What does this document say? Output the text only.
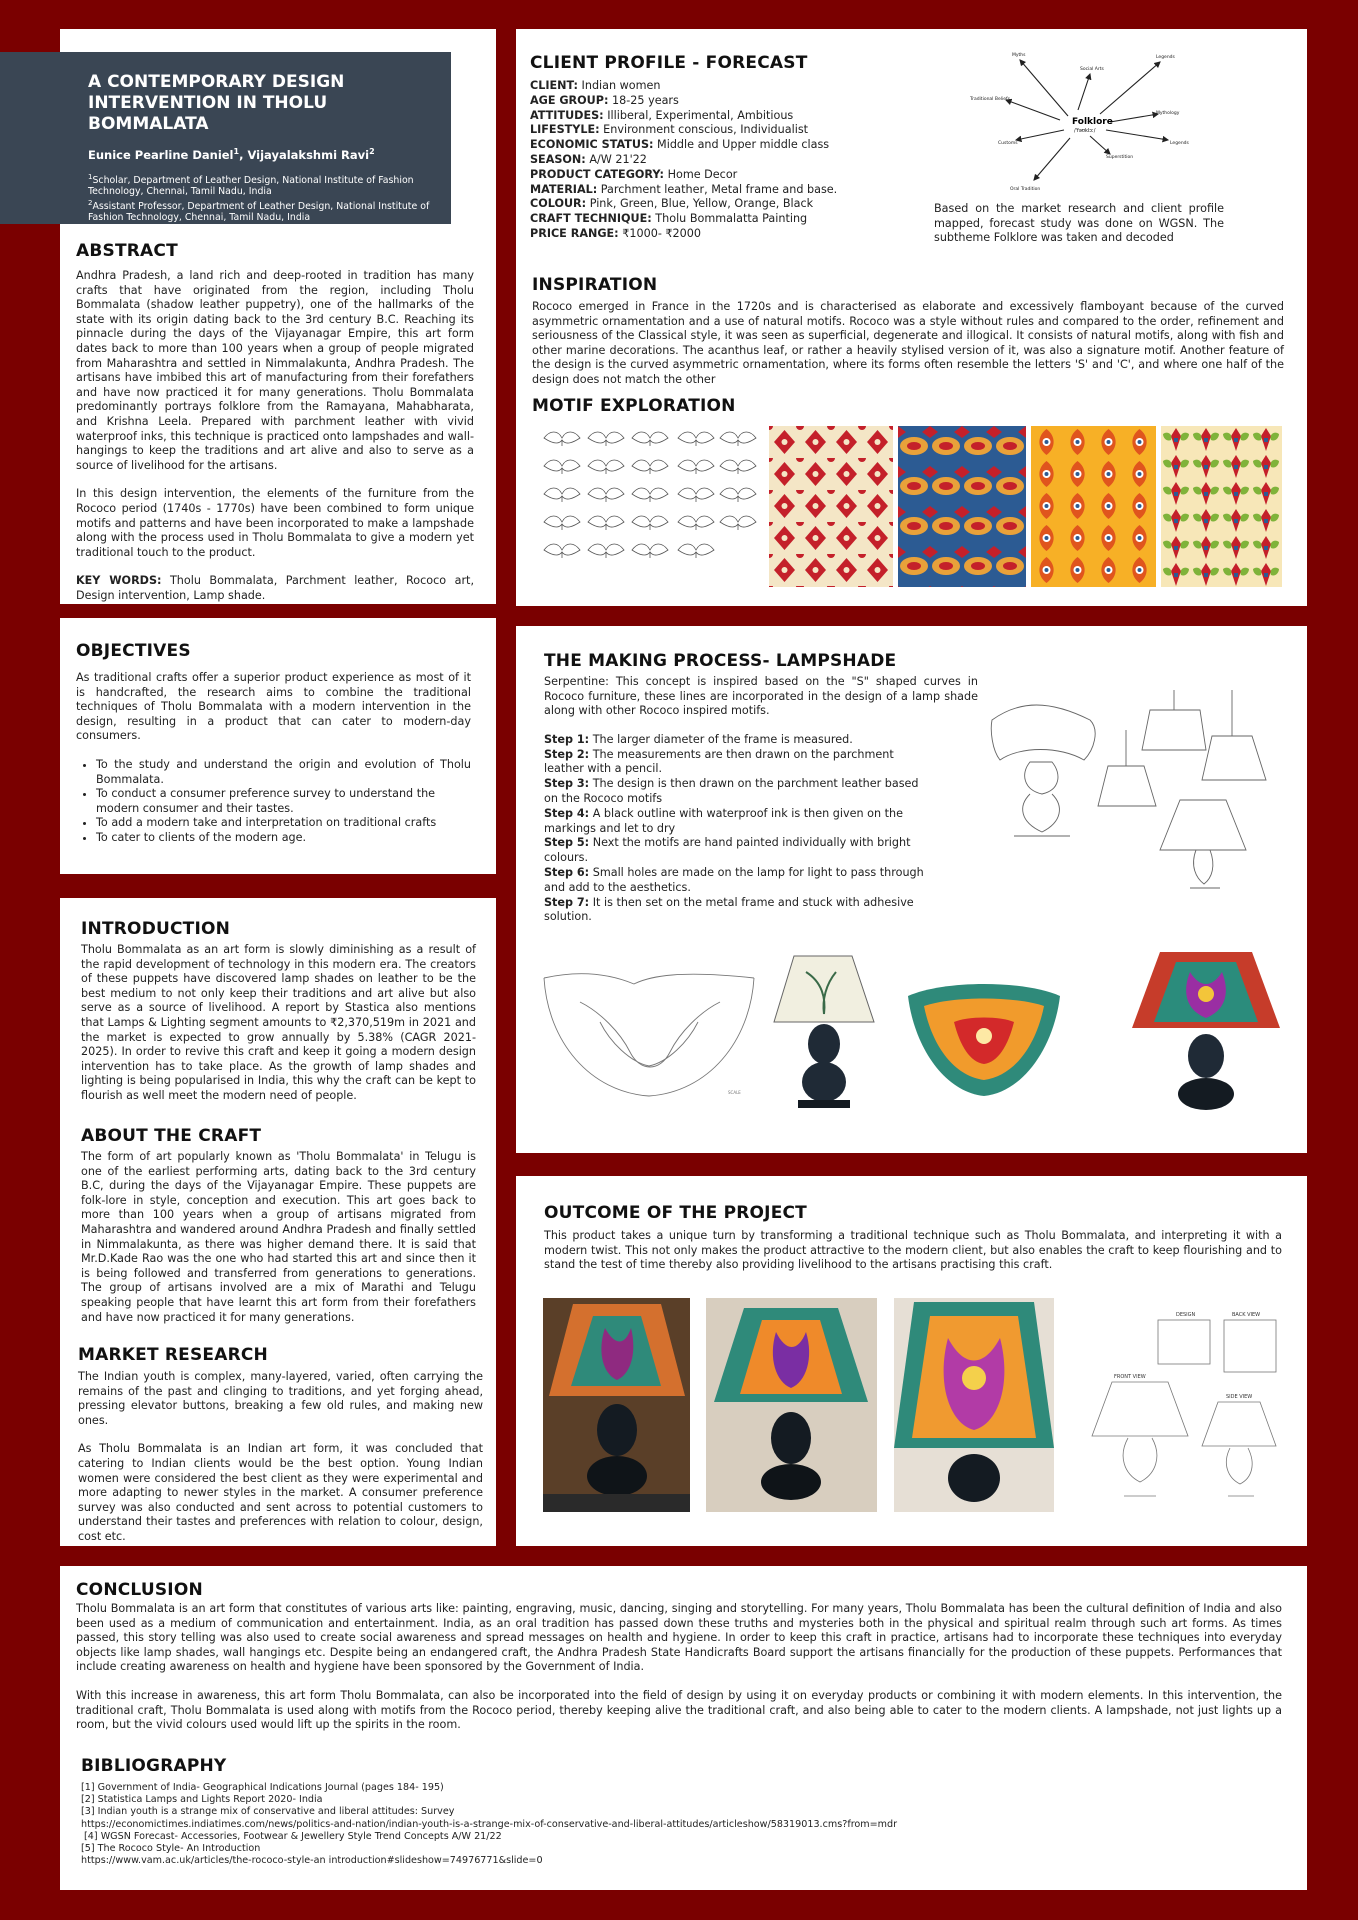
A CONTEMPORARY DESIGN
INTERVENTION IN THOLU BOMMALATA
Eunice Pearline Daniel$^1$, Vijayalakshmi Ravi$^2$
$^1$Scholar, Department of Leather Design, National Institute of Fashion Technology, Chennai, Tamil Nadu, India
$^2$Assistant Professor, Department of Leather Design, National Institute of Fashion Technology, Chennai, Tamil Nadu, India
ABSTRACT

Andhra Pradesh, a land rich and deep-rooted in tradition has many crafts that have originated from the region, including Tholu Bommalata (shadow leather puppetry), one of the hallmarks of the state with its origin dating back to the 3rd century B.C. Reaching its pinnacle during the days of the Vijayanagar Empire, this art form dates back to more than 100 years when a group of people migrated from Maharashtra and settled in Nimmalakunta, Andhra Pradesh. The artisans have imbibed this art of manufacturing from their forefathers and have now practiced it for many generations. Tholu Bommalata predominantly portrays folklore from the Ramayana, Mahabharata, and Krishna Leela. Prepared with parchment leather with vivid waterproof inks, this technique is practiced onto lampshades and wall-hangings to keep the traditions and art alive and also to serve as a source of livelihood for the artisans.

In this design intervention, the elements of the furniture from the Rococo period (1740s - 1770s) have been combined to form unique motifs and patterns and have been incorporated to make a lampshade along with the process used in Tholu Bommalata to give a modern yet traditional touch to the product.

KEY WORDS: Tholu Bommalata, Parchment leather, Rococo art, Design intervention, Lamp shade.

OBJECTIVES

As traditional crafts offer a superior product experience as most of it is handcrafted, the research aims to combine the traditional techniques of Tholu Bommalata with a modern intervention in the design, resulting in a product that can cater to modern-day consumers.

• To the study and understand the origin and evolution of Tholu Bommalata.
• To conduct a consumer preference survey to understand the modern consumer and their tastes.
• To add a modern take and interpretation on traditional crafts
• To cater to clients of the modern age.
INTRODUCTION

Tholu Bommalata as an art form is slowly diminishing as a result of the rapid development of technology in this modern era. The creators of these puppets have discovered lamp shades on leather to be the best medium to not only keep their traditions and art alive but also serve as a source of livelihood. A report by Stastica also mentions that Lamps & Lighting segment amounts to ₹2,370,519m in 2021 and the market is expected to grow annually by 5.38% (CAGR 2021-2025). In order to revive this craft and keep it going a modern design intervention has to take place. As the growth of lamp shades and lighting is being popularised in India, this why the craft can be kept to flourish as well meet the modern need of people.

ABOUT THE CRAFT

The form of art popularly known as 'Tholu Bommalata' in Telugu is one of the earliest performing arts, dating back to the 3rd century B.C, during the days of the Vijayanagar Empire. These puppets are folk-lore in style, conception and execution. This art goes back to more than 100 years when a group of artisans migrated from Maharashtra and wandered around Andhra Pradesh and finally settled in Nimmalakunta, as there was higher demand there. It is said that Mr.D.Kade Rao was the one who had started this art and since then it is being followed and transferred from generations to generations. The group of artisans involved are a mix of Marathi and Telugu speaking people that have learnt this art form from their forefathers and have now practiced it for many generations.

MARKET RESEARCH

The Indian youth is complex, many-layered, varied, often carrying the remains of the past and clinging to traditions, and yet forging ahead, pressing elevator buttons, breaking a few old rules, and making new ones.

As Tholu Bommalata is an Indian art form, it was concluded that catering to Indian clients would be the best option. Young Indian women were considered the best client as they were experimental and more adapting to newer styles in the market. A consumer preference survey was also conducted and sent across to potential customers to understand their tastes and preferences with relation to colour, design, cost etc.

CLIENT PROFILE - FORECAST
CLIENT: Indian women
AGE GROUP: 18-25 years
ATTITUDES: Illiberal, Experimental, Ambitious
LIFESTYLE: Environment conscious, Individualist
ECONOMIC STATUS: Middle and Upper middle class
SEASON: A/W 21'22
PRODUCT CATEGORY: Home Decor
MATERIAL: Parchment leather, Metal frame and base.
COLOUR: Pink, Green, Blue, Yellow, Orange, Black
CRAFT TECHNIQUE: Tholu Bommalatta Painting
PRICE RANGE: ₹1000- ₹2000
Folklore
/'fəʊklɔː/
Myths
Social Arts
Legends
Traditional Beliefs
Mythology
Customs
Superstition
Legends
Oral Tradition

Based on the market research and client profile mapped, forecast study was done on WGSN. The subtheme Folklore was taken and decoded

INSPIRATION

Rococo emerged in France in the 1720s and is characterised as elaborate and excessively flamboyant because of the curved asymmetric ornamentation and a use of natural motifs. Rococo was a style without rules and compared to the order, refinement and seriousness of the Classical style, it was seen as superficial, degenerate and illogical. It consists of natural motifs, along with fish and other marine decorations. The acanthus leaf, or rather a heavily stylised version of it, was also a signature motif. Another feature of the design is the curved asymmetric ornamentation, where its forms often resemble the letters 'S' and 'C', and where one half of the design does not match the other

MOTIF EXPLORATION
THE MAKING PROCESS- LAMPSHADE

Serpentine: This concept is inspired based on the "S" shaped curves in Rococo furniture, these lines are incorporated in the design of a lamp shade along with other Rococo inspired motifs.

Step 1: The larger diameter of the frame is measured.
Step 2: The measurements are then drawn on the parchment leather with a pencil.
Step 3: The design is then drawn on the parchment leather based on the Rococo motifs
Step 4: A black outline with waterproof ink is then given on the markings and let to dry
Step 5: Next the motifs are hand painted individually with bright colours.
Step 6: Small holes are made on the lamp for light to pass through and add to the aesthetics.
Step 7: It is then set on the metal frame and stuck with adhesive solution.
SCALE
OUTCOME OF THE PROJECT

This product takes a unique turn by transforming a traditional technique such as Tholu Bommalata, and interpreting it with a modern twist. This not only makes the product attractive to the modern client, but also enables the craft to keep flourishing and to stand the test of time thereby also providing livelihood to the artisans practising this craft.

DESIGN	BACK VIEW
FRONT VIEW
SIDE VIEW
CONCLUSION

Tholu Bommalata is an art form that constitutes of various arts like: painting, engraving, music, dancing, singing and storytelling. For many years, Tholu Bommalata has been the cultural definition of India and also been used as a medium of communication and entertainment. India, as an oral tradition has passed down these truths and mysteries both in the physical and spiritual realm through such art forms. As times passed, this story telling was also used to create social awareness and spread messages on health and hygiene. In order to keep this craft in practice, artisans had to incorporate these techniques into everyday objects like lamp shades, wall hangings etc. Despite being an endangered craft, the Andhra Pradesh State Handicrafts Board support the artisans financially for the production of these puppets. Performances that include creating awareness on health and hygiene have been sponsored by the Government of India.

With this increase in awareness, this art form Tholu Bommalata, can also be incorporated into the field of design by using it on everyday products or combining it with modern elements. In this intervention, the traditional craft, Tholu Bommalata is used along with motifs from the Rococo period, thereby keeping alive the traditional craft, and also being able to cater to the modern clients. A lampshade, not just lights up a room, but the vivid colours used would lift up the spirits in the room.

BIBLIOGRAPHY
[1] Government of India- Geographical Indications Journal (pages 184- 195)
[2] Statistica Lamps and Lights Report 2020- India
[3] Indian youth is a strange mix of conservative and liberal attitudes: Survey
https://economictimes.indiatimes.com/news/politics-and-nation/indian-youth-is-a-strange-mix-of-conservative-and-liberal-attitudes/articleshow/58319013.cms?from=mdr
[4] WGSN Forecast- Accessories, Footwear & Jewellery Style Trend Concepts A/W 21/22
[5] The Rococo Style- An Introduction
https://www.vam.ac.uk/articles/the-rococo-style-an introduction#slideshow=74976771&slide=0
